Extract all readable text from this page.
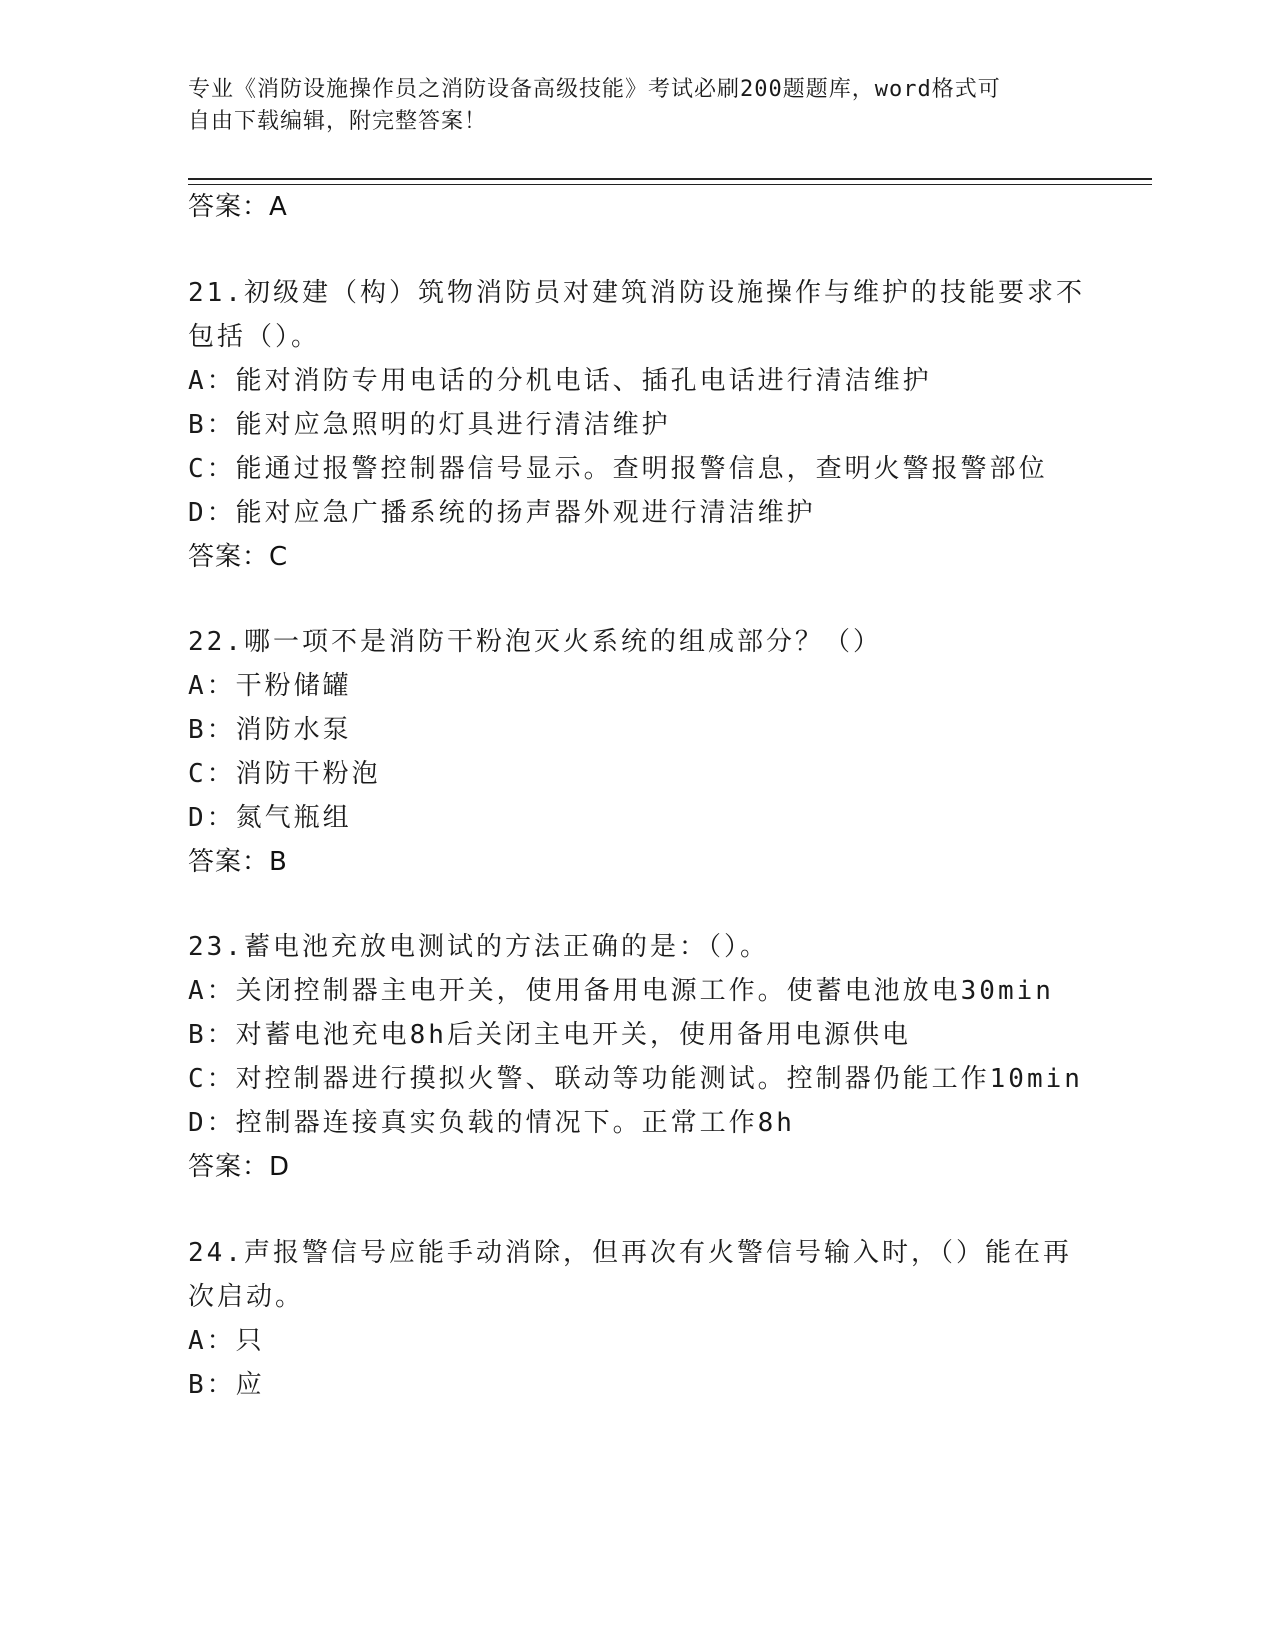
专业《消防设施操作员之消防设备高级技能》考试必刷200题题库，word格式可
自由下载编辑，附完整答案！
答案：A
21.初级建（构）筑物消防员对建筑消防设施操作与维护的技能要求不
包括（）。
A：能对消防专用电话的分机电话、插孔电话进行清洁维护
B：能对应急照明的灯具进行清洁维护
C：能通过报警控制器信号显示。查明报警信息，查明火警报警部位
D：能对应急广播系统的扬声器外观进行清洁维护
答案：C
22.哪一项不是消防干粉泡灭火系统的组成部分？（）
A：干粉储罐
B：消防水泵
C：消防干粉泡
D：氮气瓶组
答案：B
23.蓄电池充放电测试的方法正确的是：（）。
A：关闭控制器主电开关，使用备用电源工作。使蓄电池放电30min
B：对蓄电池充电8h后关闭主电开关，使用备用电源供电
C：对控制器进行摸拟火警、联动等功能测试。控制器仍能工作10min
D：控制器连接真实负载的情况下。正常工作8h
答案：D
24.声报警信号应能手动消除，但再次有火警信号输入时，（）能在再
次启动。
A：只
B：应
